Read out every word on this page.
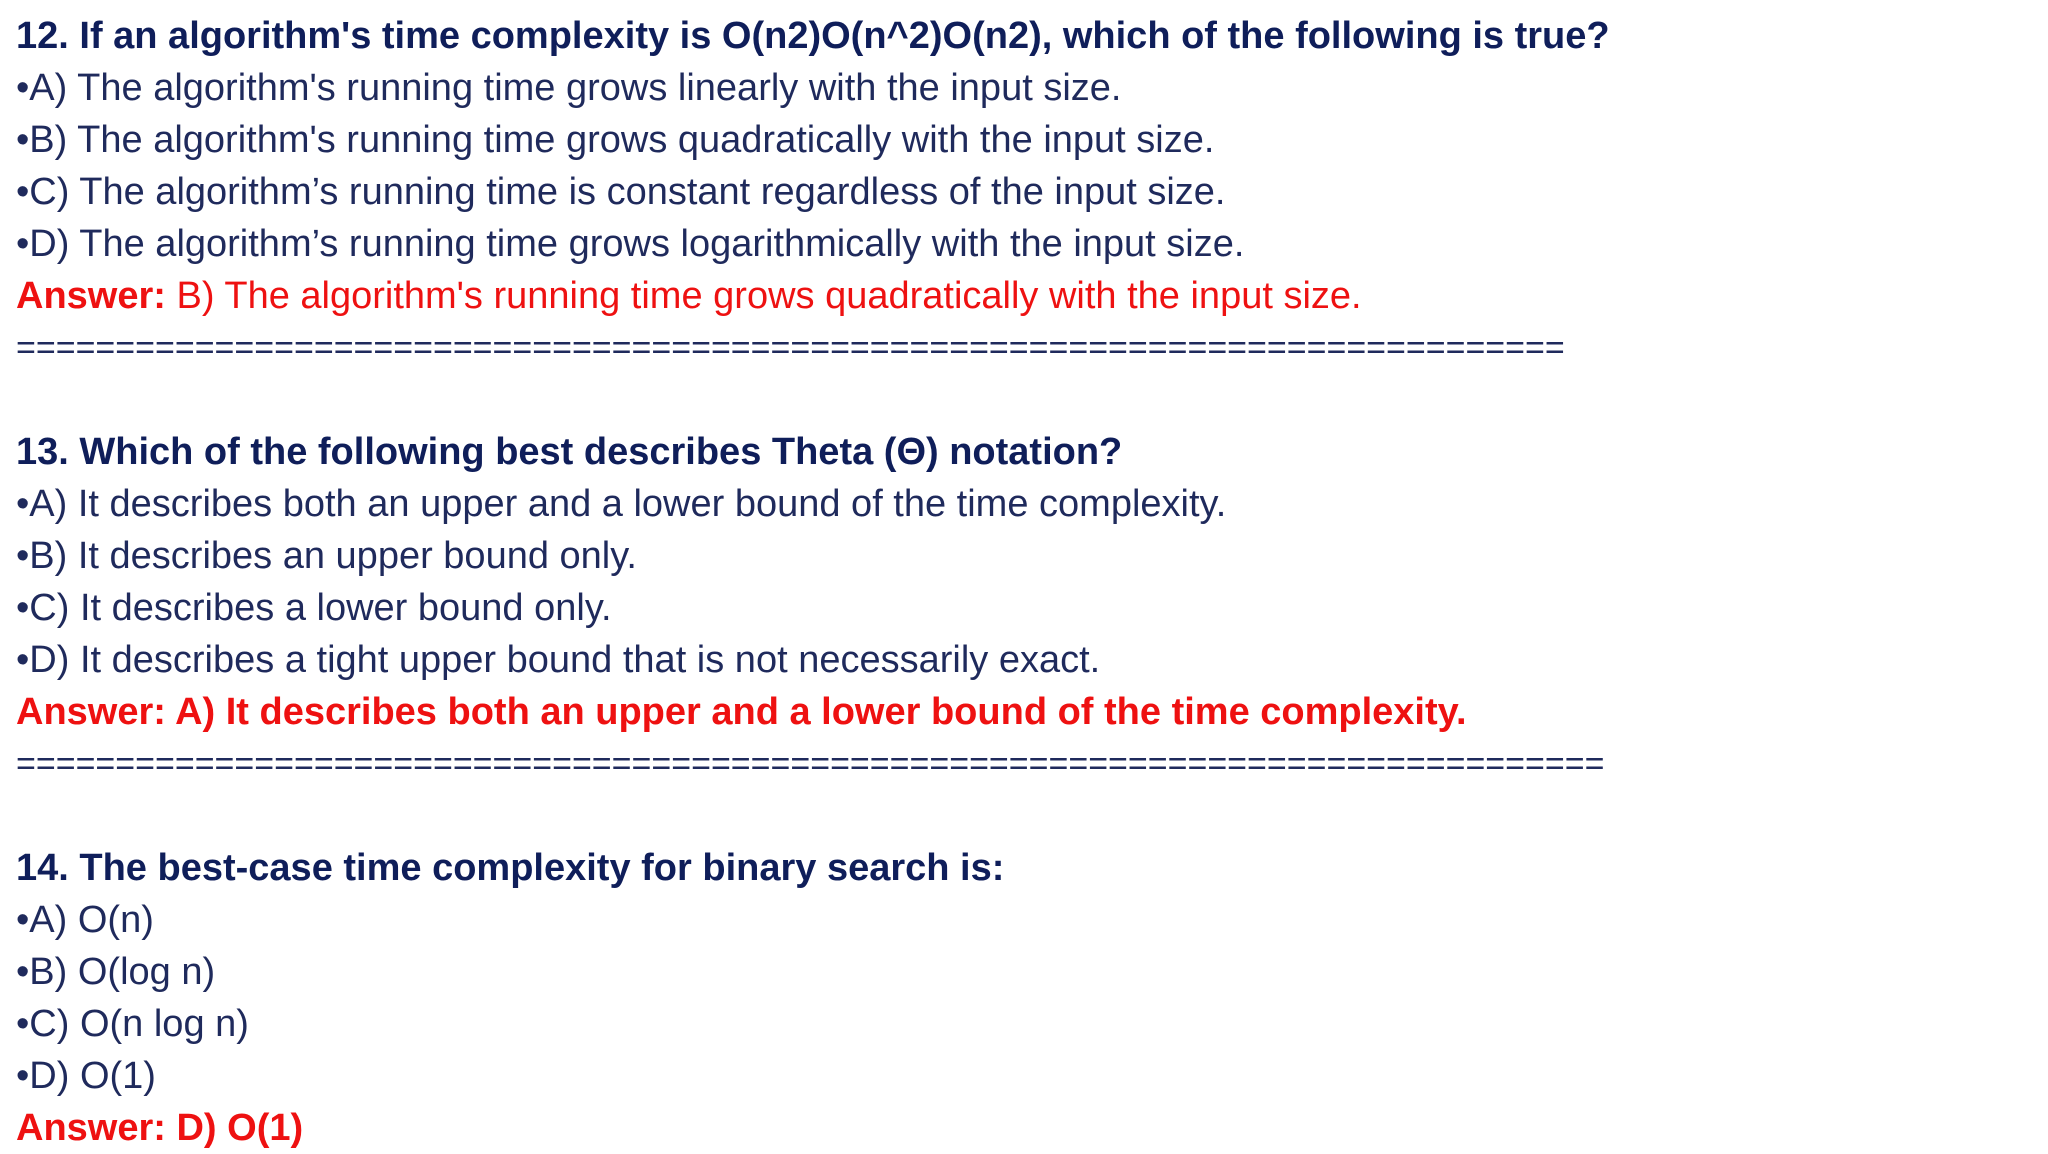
12. If an algorithm's time complexity is O(n2)O(n^2)O(n2), which of the following is true?
•A) The algorithm's running time grows linearly with the input size.
•B) The algorithm's running time grows quadratically with the input size.
•C) The algorithm’s running time is constant regardless of the input size.
•D) The algorithm’s running time grows logarithmically with the input size.
Answer: B) The algorithm's running time grows quadratically with the input size.
==============================================================================
13. Which of the following best describes Theta (Θ) notation?
•A) It describes both an upper and a lower bound of the time complexity.
•B) It describes an upper bound only.
•C) It describes a lower bound only.
•D) It describes a tight upper bound that is not necessarily exact.
Answer: A) It describes both an upper and a lower bound of the time complexity.
================================================================================
14. The best-case time complexity for binary search is:
•A) O(n)
•B) O(log n)
•C) O(n log n)
•D) O(1)
Answer: D) O(1)
